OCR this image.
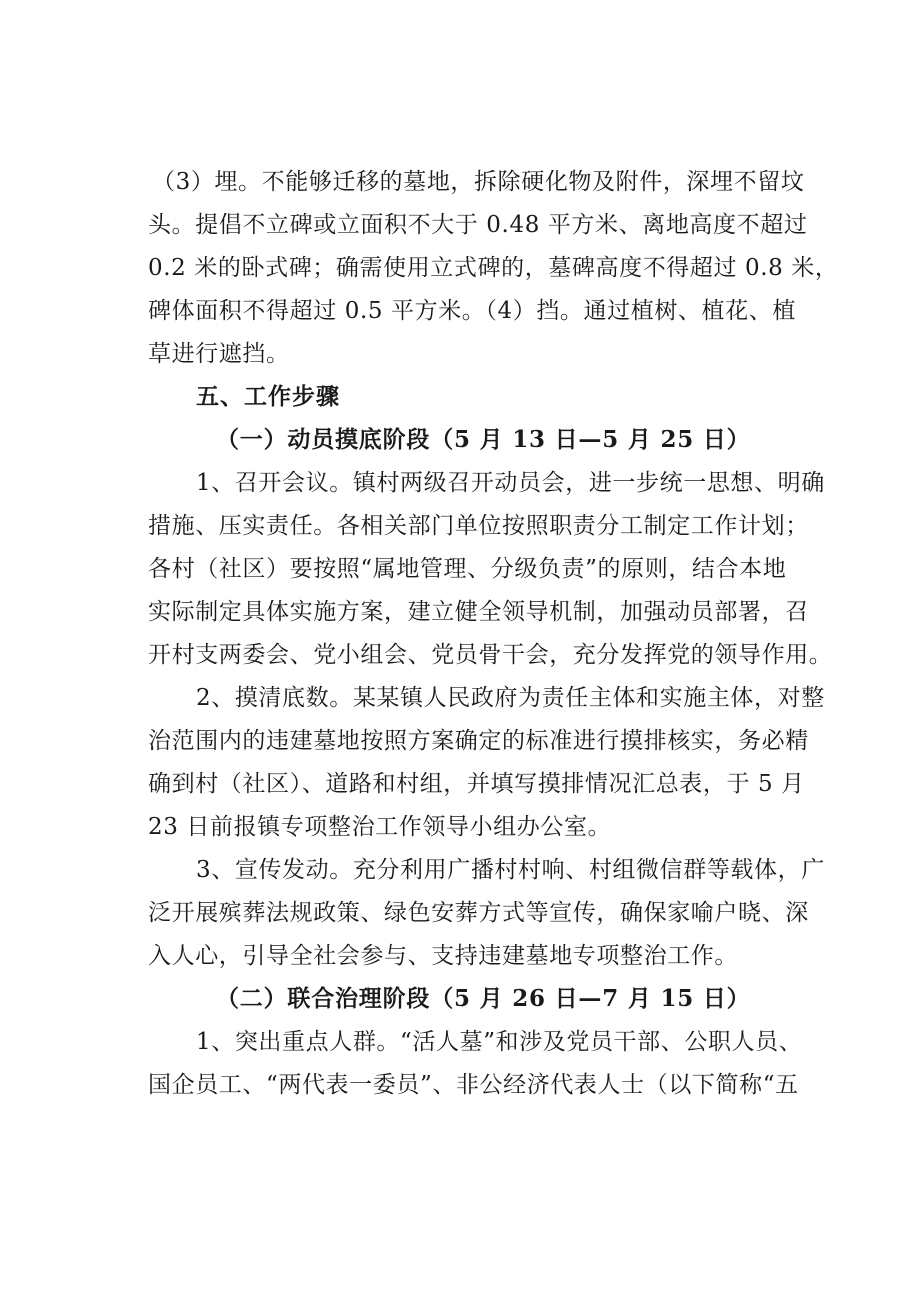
（3）埋。不能够迁移的墓地，拆除硬化物及附件，深埋不留坟
头。提倡不立碑或立面积不大于 0.48 平方米、离地高度不超过
0.2 米的卧式碑；确需使用立式碑的，墓碑高度不得超过 0.8 米，
碑体面积不得超过 0.5 平方米。（4）挡。通过植树、植花、植
草进行遮挡。
五、工作步骤
（一）动员摸底阶段（5 月 13 日—5 月 25 日）
1、召开会议。镇村两级召开动员会，进一步统一思想、明确
措施、压实责任。各相关部门单位按照职责分工制定工作计划；
各村（社区）要按照“属地管理、分级负责”的原则，结合本地
实际制定具体实施方案，建立健全领导机制，加强动员部署，召
开村支两委会、党小组会、党员骨干会，充分发挥党的领导作用。
2、摸清底数。某某镇人民政府为责任主体和实施主体，对整
治范围内的违建墓地按照方案确定的标准进行摸排核实，务必精
确到村（社区）、道路和村组，并填写摸排情况汇总表，于 5 月
23 日前报镇专项整治工作领导小组办公室。
3、宣传发动。充分利用广播村村响、村组微信群等载体，广
泛开展殡葬法规政策、绿色安葬方式等宣传，确保家喻户晓、深
入人心，引导全社会参与、支持违建墓地专项整治工作。
（二）联合治理阶段（5 月 26 日—7 月 15 日）
1、突出重点人群。“活人墓”和涉及党员干部、公职人员、
国企员工、“两代表一委员”、非公经济代表人士（以下简称“五
